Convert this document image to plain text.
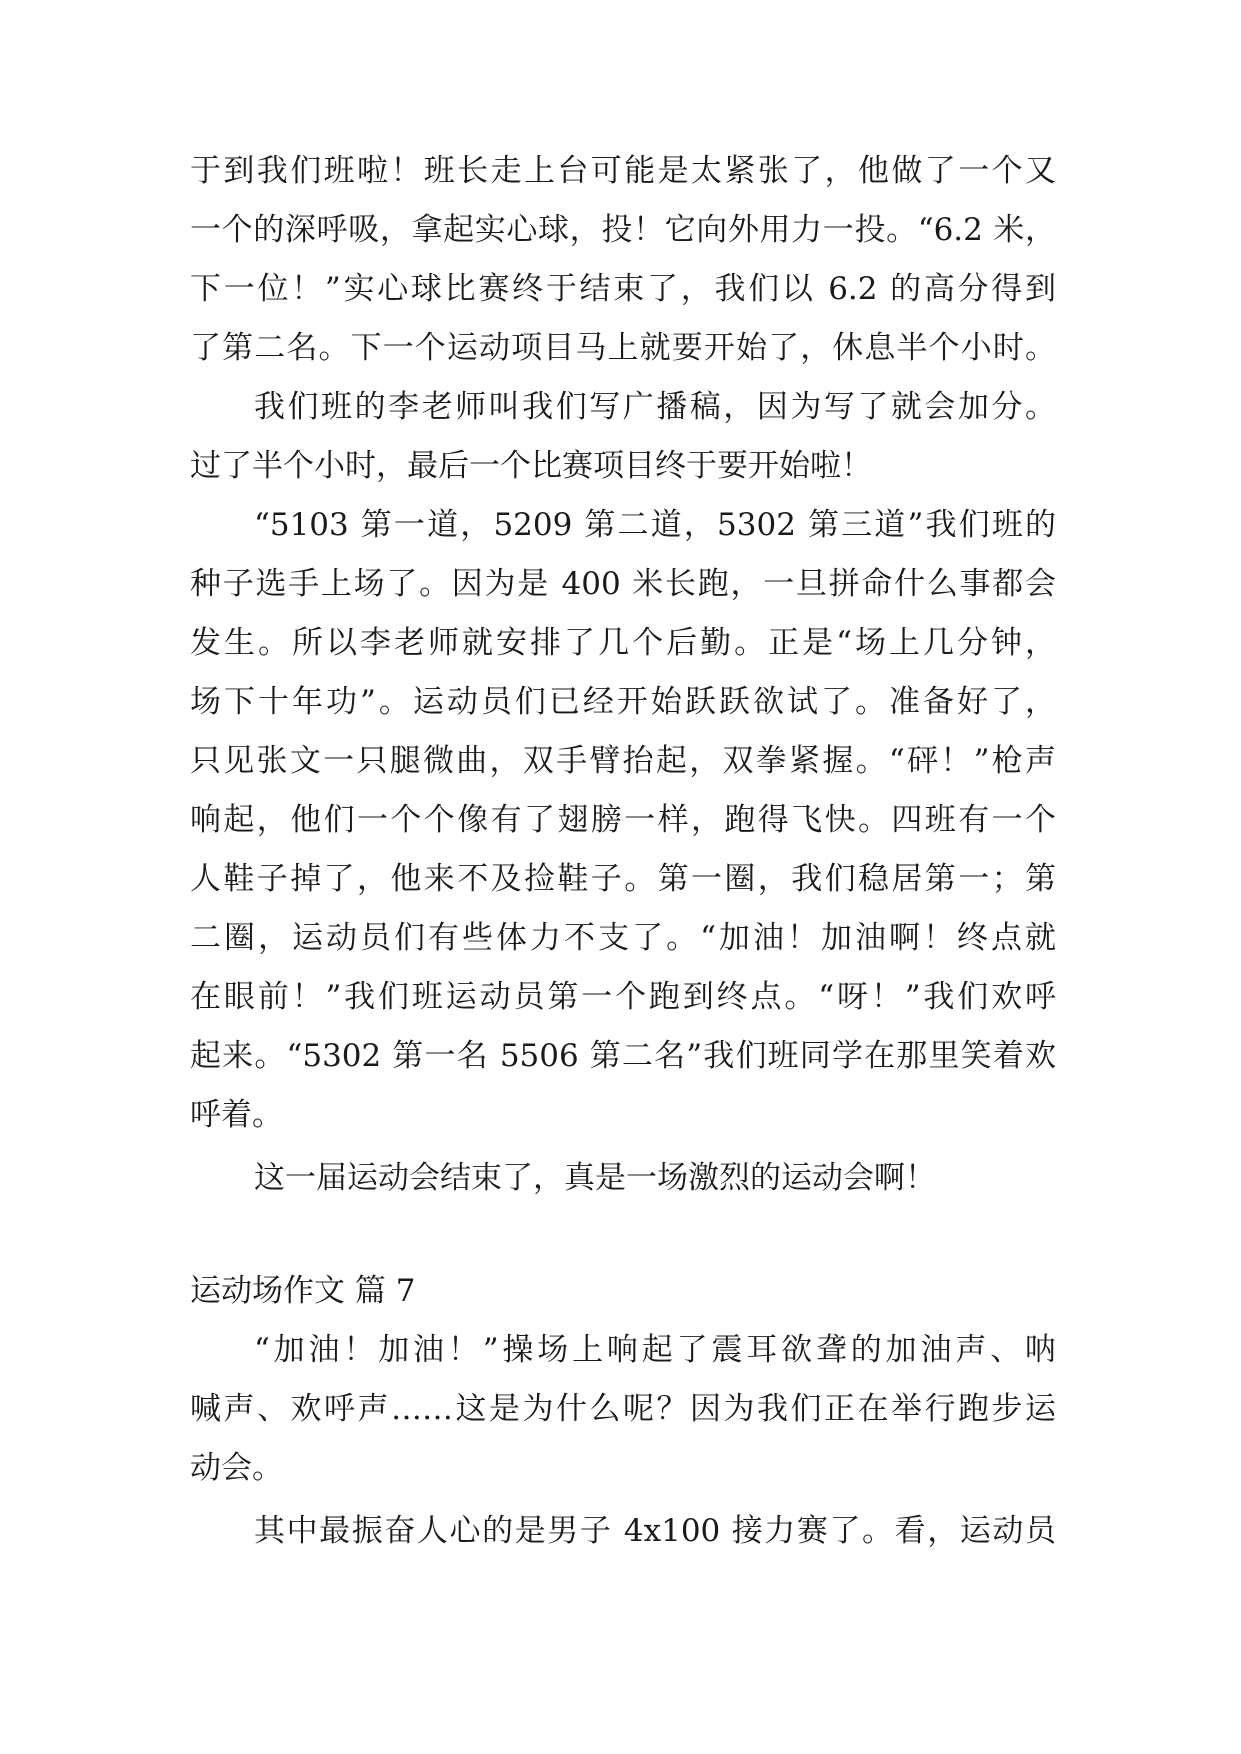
于到我们班啦！班长走上台可能是太紧张了，他做了一个又
一个的深呼吸，拿起实心球，投！它向外用力一投。“6.2 米，
下一位！”实心球比赛终于结束了，我们以 6.2 的高分得到
了第二名。下一个运动项目马上就要开始了，休息半个小时。
我们班的李老师叫我们写广播稿，因为写了就会加分。
过了半个小时，最后一个比赛项目终于要开始啦！
“5103 第一道，5209 第二道，5302 第三道”我们班的
种子选手上场了。因为是 400 米长跑，一旦拼命什么事都会
发生。所以李老师就安排了几个后勤。正是“场上几分钟，
场下十年功”。运动员们已经开始跃跃欲试了。准备好了，
只见张文一只腿微曲，双手臂抬起，双拳紧握。“砰！”枪声
响起，他们一个个像有了翅膀一样，跑得飞快。四班有一个
人鞋子掉了，他来不及捡鞋子。第一圈，我们稳居第一；第
二圈，运动员们有些体力不支了。“加油！加油啊！终点就
在眼前！”我们班运动员第一个跑到终点。“呀！”我们欢呼
起来。“5302 第一名 5506 第二名”我们班同学在那里笑着欢
呼着。
这一届运动会结束了，真是一场激烈的运动会啊！
运动场作文 篇 7
“加油！加油！”操场上响起了震耳欲聋的加油声、呐
喊声、欢呼声……这是为什么呢？因为我们正在举行跑步运
动会。
其中最振奋人心的是男子 4x100 接力赛了。看，运动员
